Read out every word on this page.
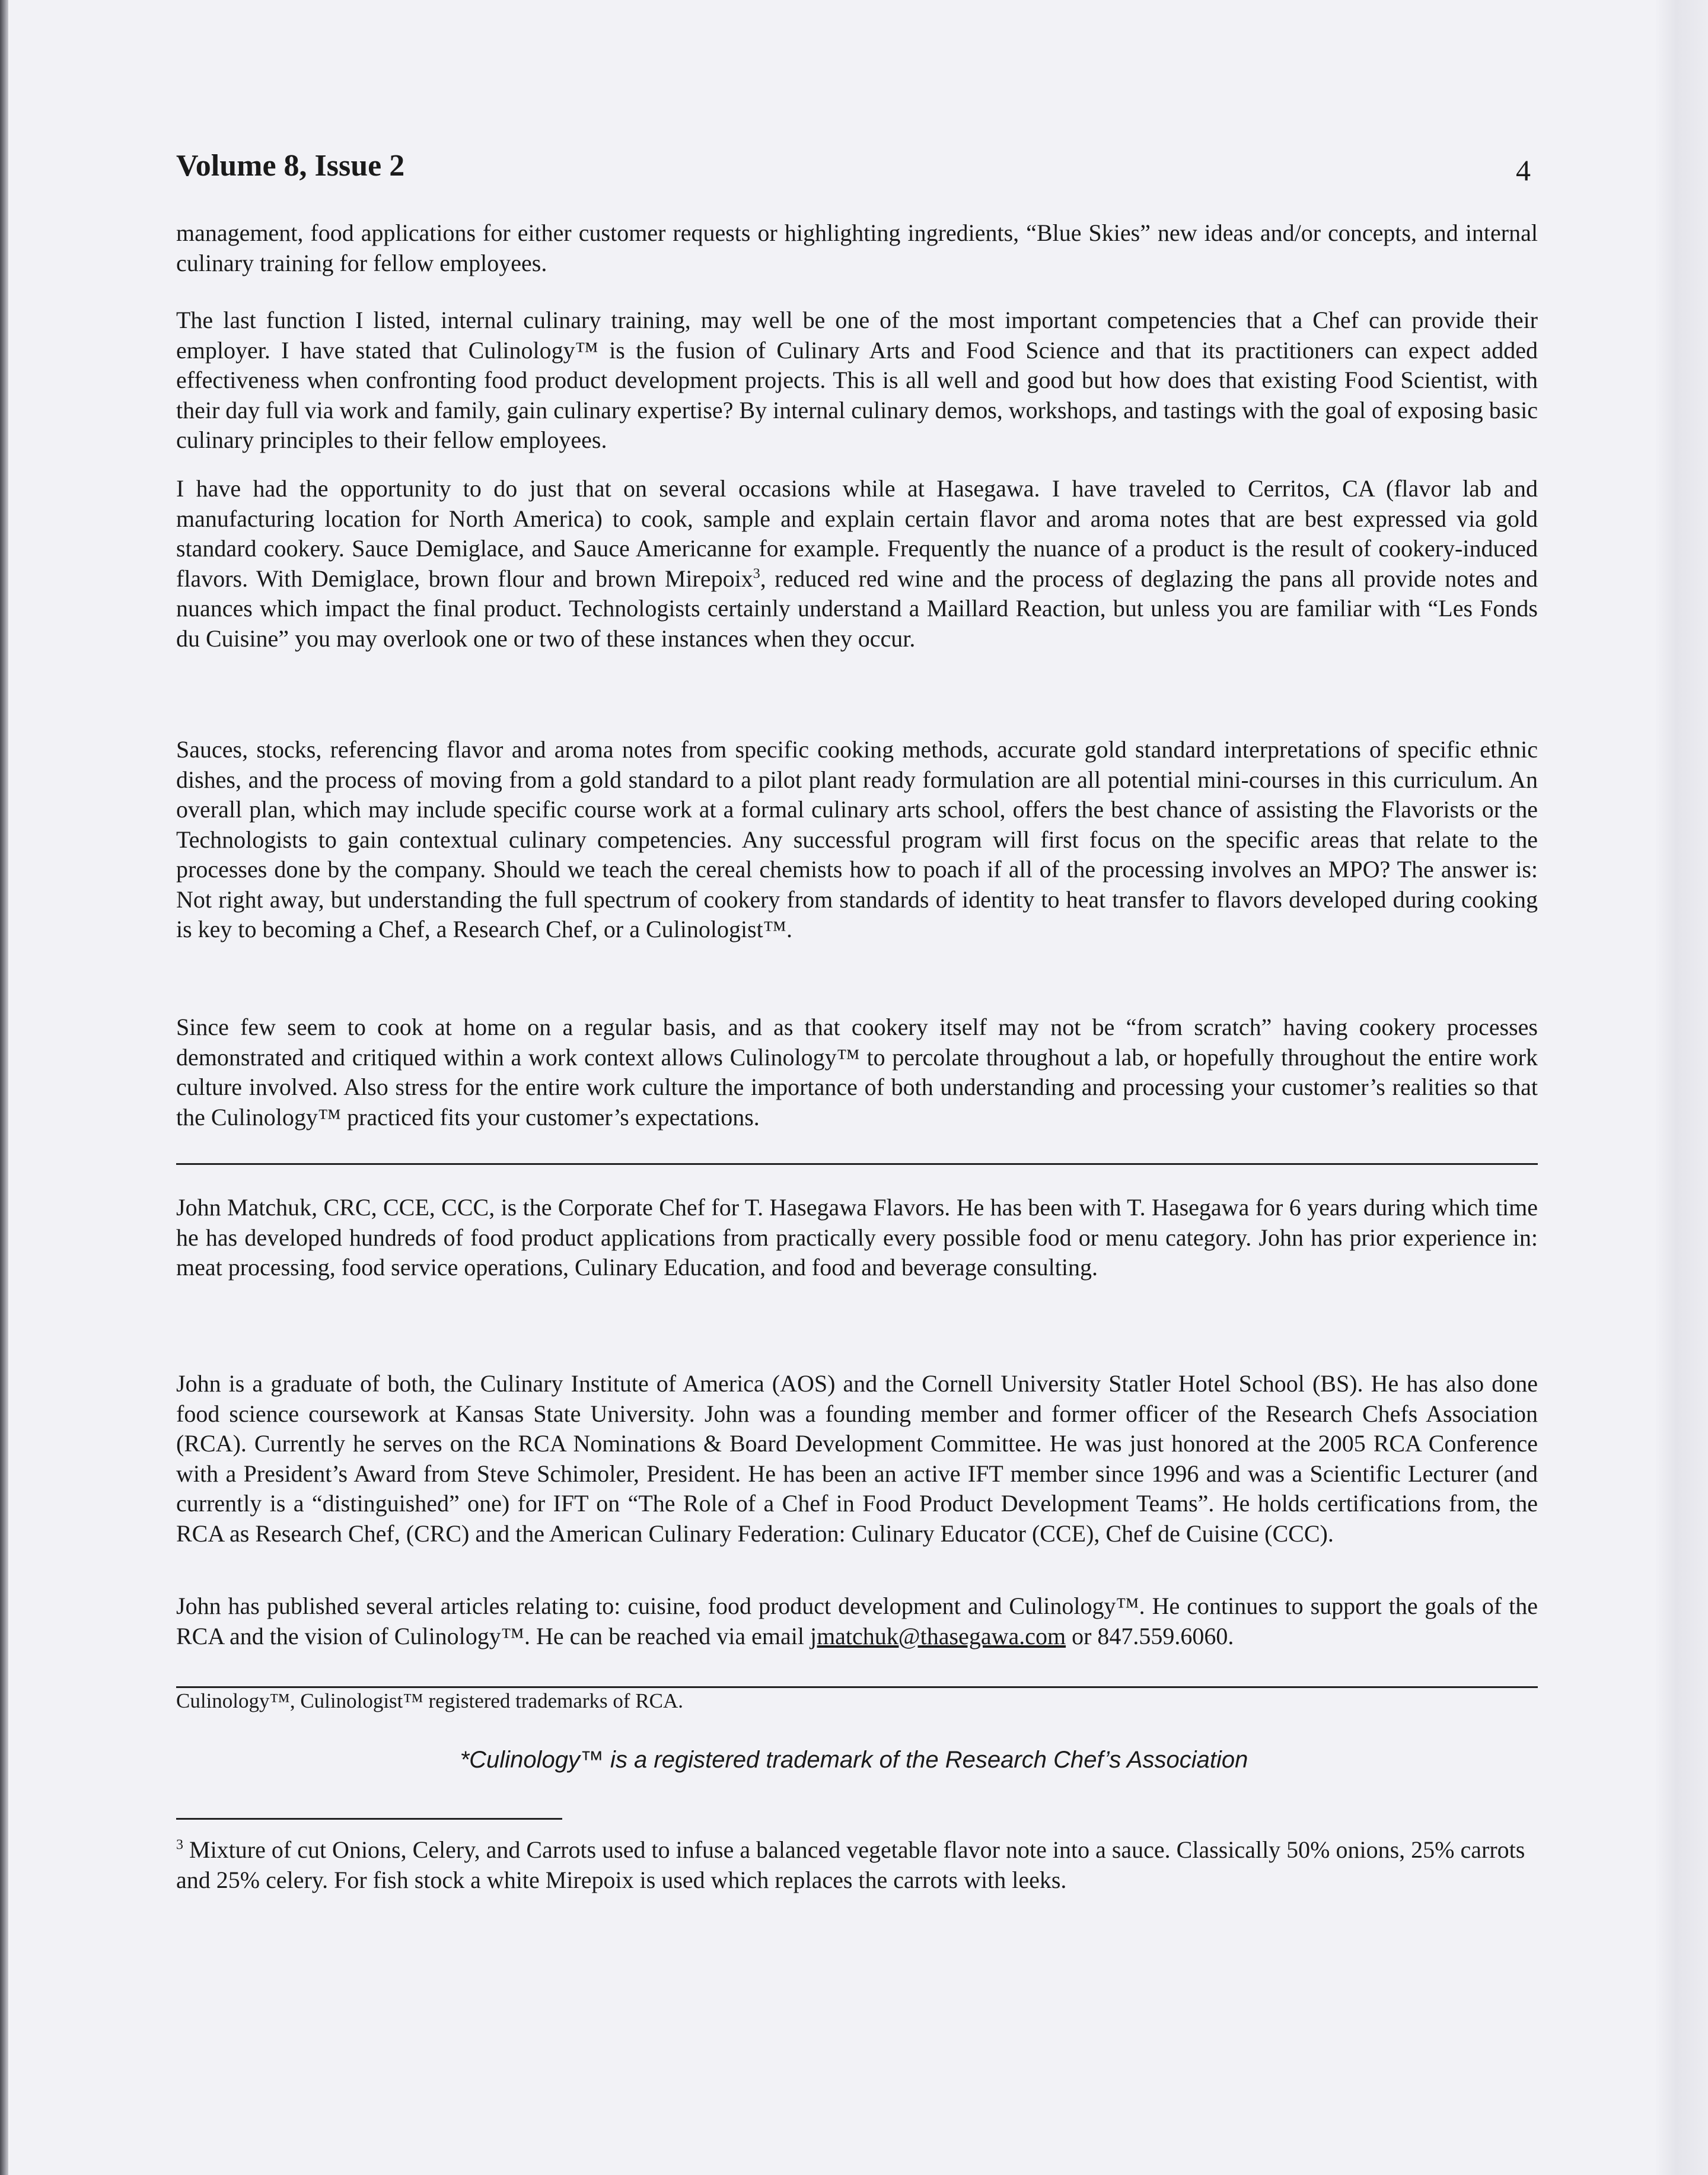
Volume 8, Issue 2	4
management, food applications for either customer requests or highlighting ingredients, “Blue Skies” new ideas and/or concepts, and internal culinary training for fellow employees.
The last function I listed, internal culinary training, may well be one of the most important competencies that a Chef can provide their employer. I have stated that Culinology™ is the fusion of Culinary Arts and Food Science and that its practitioners can expect added effectiveness when confronting food product development projects. This is all well and good but how does that existing Food Scientist, with their day full via work and family, gain culinary expertise? By internal culinary demos, workshops, and tastings with the goal of exposing basic culinary principles to their fellow employees.
I have had the opportunity to do just that on several occasions while at Hasegawa. I have traveled to Cerritos, CA (flavor lab and manufacturing location for North America) to cook, sample and explain certain flavor and aroma notes that are best expressed via gold standard cookery. Sauce Demiglace, and Sauce Americanne for example. Frequently the nuance of a product is the result of cookery-induced flavors. With Demiglace, brown flour and brown Mirepoix$^3$, reduced red wine and the process of deglazing the pans all provide notes and nuances which impact the final product. Technologists certainly understand a Maillard Reaction, but unless you are familiar with “Les Fonds du Cuisine” you may overlook one or two of these instances when they occur.
Sauces, stocks, referencing flavor and aroma notes from specific cooking methods, accurate gold standard interpretations of specific ethnic dishes, and the process of moving from a gold standard to a pilot plant ready formulation are all potential mini-courses in this curriculum. An overall plan, which may include specific course work at a formal culinary arts school, offers the best chance of assisting the Flavorists or the Technologists to gain contextual culinary competencies. Any successful program will first focus on the specific areas that relate to the processes done by the company. Should we teach the cereal chemists how to poach if all of the processing involves an MPO? The answer is: Not right away, but understanding the full spectrum of cookery from standards of identity to heat transfer to flavors developed during cooking is key to becoming a Chef, a Research Chef, or a Culinologist™.
Since few seem to cook at home on a regular basis, and as that cookery itself may not be “from scratch” having cookery processes demonstrated and critiqued within a work context allows Culinology™ to percolate throughout a lab, or hopefully throughout the entire work culture involved. Also stress for the entire work culture the importance of both understanding and processing your customer’s realities so that the Culinology™ practiced fits your customer’s expectations.
John Matchuk, CRC, CCE, CCC, is the Corporate Chef for T. Hasegawa Flavors. He has been with T. Hasegawa for 6 years during which time he has developed hundreds of food product applications from practically every possible food or menu category. John has prior experience in: meat processing, food service operations, Culinary Education, and food and beverage consulting.
John is a graduate of both, the Culinary Institute of America (AOS) and the Cornell University Statler Hotel School (BS). He has also done food science coursework at Kansas State University. John was a founding member and former officer of the Research Chefs Association (RCA). Currently he serves on the RCA Nominations & Board Development Committee. He was just honored at the 2005 RCA Conference with a President’s Award from Steve Schimoler, President. He has been an active IFT member since 1996 and was a Scientific Lecturer (and currently is a “distinguished” one) for IFT on “The Role of a Chef in Food Product Development Teams”. He holds certifications from, the RCA as Research Chef, (CRC) and the American Culinary Federation: Culinary Educator (CCE), Chef de Cuisine (CCC).
John has published several articles relating to: cuisine, food product development and Culinology™. He continues to support the goals of the RCA and the vision of Culinology™. He can be reached via email jmatchuk@thasegawa.com or 847.559.6060.
Culinology™, Culinologist™ registered trademarks of RCA.
*Culinology™ is a registered trademark of the Research Chef’s Association
$^3$ Mixture of cut Onions, Celery, and Carrots used to infuse a balanced vegetable flavor note into a sauce. Classically 50% onions, 25% carrots and 25% celery. For fish stock a white Mirepoix is used which replaces the carrots with leeks.
